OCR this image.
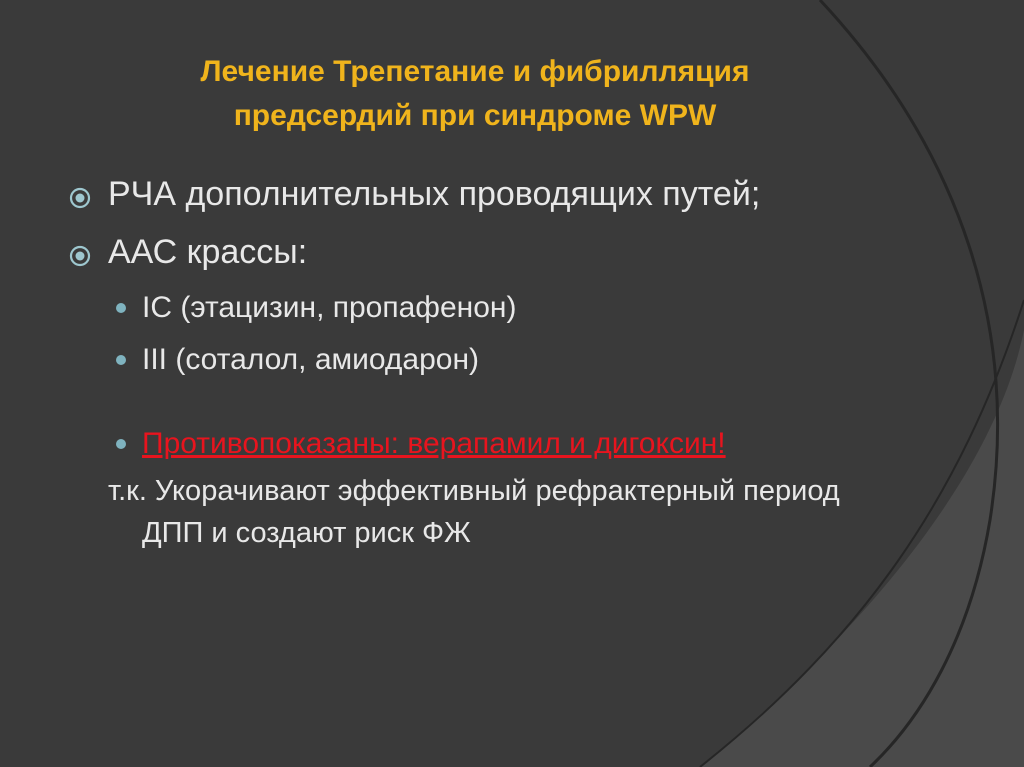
Лечение Трепетание и фибрилляция
предсердий при синдроме WPW
РЧА дополнительных проводящих путей;
ААС крассы:
IC (этацизин, пропафенон)
III (соталол, амиодарон)
Противопоказаны: верапамил и дигоксин!
т.к. Укорачивают эффективный рефрактерный период ДПП и создают риск ФЖ
